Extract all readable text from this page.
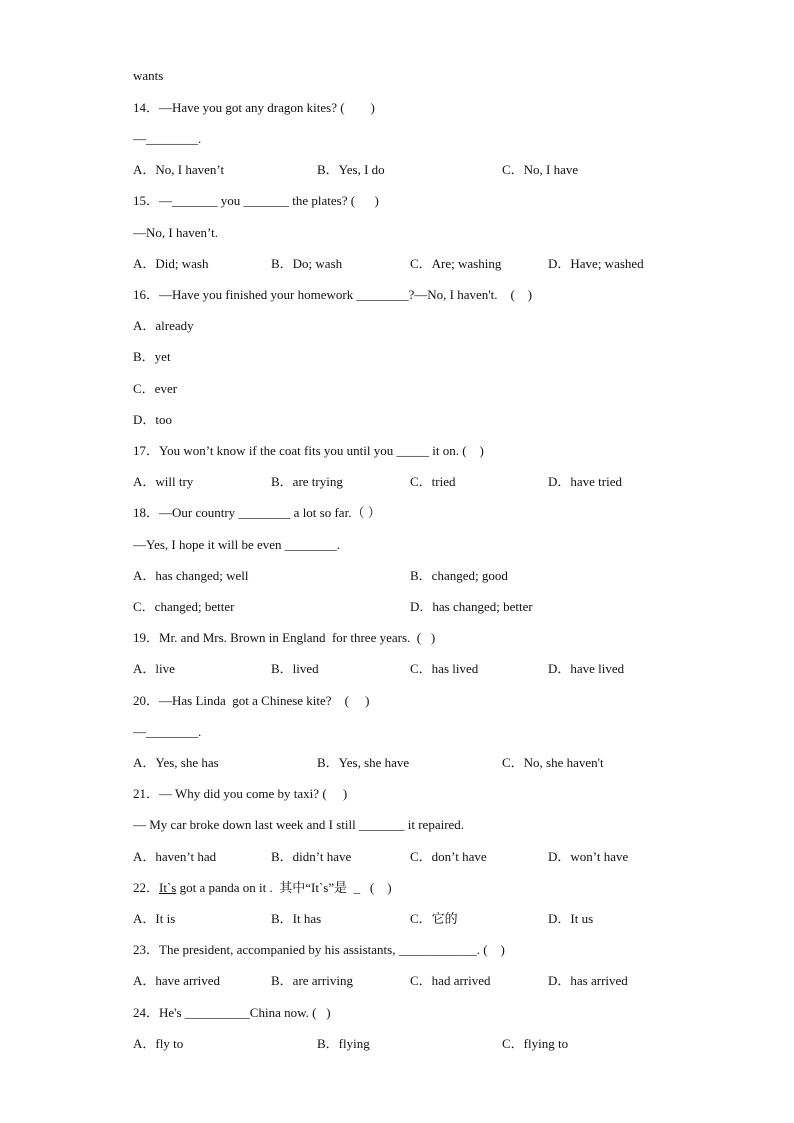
wants
14．—Have you got any dragon kites? (        )
—________.
A．No, I haven’t	B．Yes, I do	C．No, I have
15．—_______ you _______ the plates? (      )
—No, I haven’t.
A．Did; wash	B．Do; wash	C．Are; washing	D．Have; washed
16．—Have you finished your homework ________?—No, I haven't.    (    )
A．already
B．yet
C．ever
D．too
17．You won’t know if the coat fits you until you _____ it on. (    )
A．will try	B．are trying	C．tried	D．have tried
18．—Our country ________ a lot so far.（ ）
—Yes, I hope it will be even ________.
A．has changed; well	B．changed; good
C．changed; better	D．has changed; better
19．Mr. and Mrs. Brown in England  for three years.  (   )
A．live	B．lived	C．has lived	D．have lived
20．—Has Linda  got a Chinese kite?    (     )
—________.
A．Yes, she has	B．Yes, she have	C．No, she haven't
21．— Why did you come by taxi? (     )
— My car broke down last week and I still _______ it repaired.
A．haven’t had	B．didn’t have	C．don’t have	D．won’t have
22．It`s got a panda on it .  其中“It`s”是  _   (    )
A．It is	B．It has	C．它的	D．It us
23．The president, accompanied by his assistants, ____________. (    )
A．have arrived	B．are arriving	C．had arrived	D．has arrived
24．He's __________China now. (   )
A．fly to	B．flying	C．flying to
